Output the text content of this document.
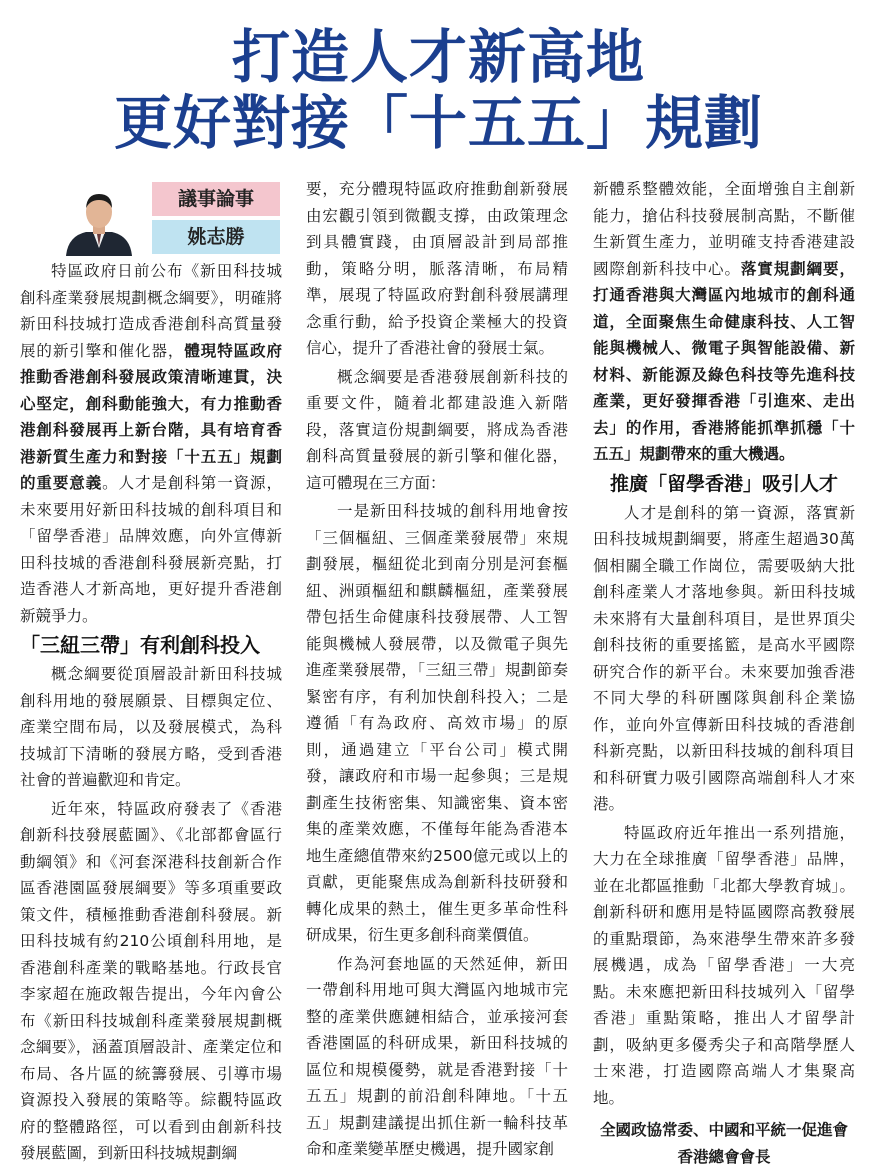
打造人才新高地
更好對接「十五五」規劃
議事論事
姚志勝

特區政府日前公布《新田科技城創科產業發展規劃概念綱要》，明確將新田科技城打造成香港創科高質量發展的新引擎和催化器，體現特區政府推動香港創科發展政策清晰連貫，決心堅定，創科動能強大，有力推動香港創科發展再上新台階，具有培育香港新質生產力和對接「十五五」規劃的重要意義。人才是創科第一資源，未來要用好新田科技城的創科項目和「留學香港」品牌效應，向外宣傳新田科技城的香港創科發展新亮點，打造香港人才新高地，更好提升香港創新競爭力。

「三紐三帶」有利創科投入

概念綱要從頂層設計新田科技城創科用地的發展願景、目標與定位、產業空間布局，以及發展模式，為科技城訂下清晰的發展方略，受到香港社會的普遍歡迎和肯定。

近年來，特區政府發表了《香港創新科技發展藍圖》、《北部都會區行動綱領》和《河套深港科技創新合作區香港園區發展綱要》等多項重要政策文件，積極推動香港創科發展。新田科技城有約210公頃創科用地，是香港創科產業的戰略基地。行政長官李家超在施政報告提出，今年內會公布《新田科技城創科產業發展規劃概念綱要》，涵蓋頂層設計、產業定位和布局、各片區的統籌發展、引導市場資源投入發展的策略等。綜觀特區政府的整體路徑，可以看到由創新科技發展藍圖，到新田科技城規劃綱

要，充分體現特區政府推動創新發展由宏觀引領到微觀支撐，由政策理念到具體實踐，由頂層設計到局部推動，策略分明，脈落清晰，布局精準，展現了特區政府對創科發展講理念重行動，給予投資企業極大的投資信心，提升了香港社會的發展士氣。

概念綱要是香港發展創新科技的重要文件，隨着北都建設進入新階段，落實這份規劃綱要，將成為香港創科高質量發展的新引擎和催化器，這可體現在三方面：

一是新田科技城的創科用地會按「三個樞紐、三個產業發展帶」來規劃發展，樞紐從北到南分別是河套樞紐、洲頭樞紐和麒麟樞紐，產業發展帶包括生命健康科技發展帶、人工智能與機械人發展帶，以及微電子與先進產業發展帶，「三紐三帶」規劃節奏緊密有序，有利加快創科投入；二是遵循「有為政府、高效市場」的原則，通過建立「平台公司」模式開發，讓政府和市場一起參與；三是規劃產生技術密集、知識密集、資本密集的產業效應，不僅每年能為香港本地生產總值帶來約2500億元或以上的貢獻，更能聚焦成為創新科技研發和轉化成果的熱土，催生更多革命性科研成果，衍生更多創科商業價值。

作為河套地區的天然延伸，新田一帶創科用地可與大灣區內地城市完整的產業供應鏈相結合，並承接河套香港園區的科研成果，新田科技城的區位和規模優勢，就是香港對接「十五五」規劃的前沿創科陣地。「十五五」規劃建議提出抓住新一輪科技革命和產業變革歷史機遇，提升國家創

新體系整體效能，全面增強自主創新能力，搶佔科技發展制高點，不斷催生新質生產力，並明確支持香港建設國際創新科技中心。落實規劃綱要，打通香港與大灣區內地城市的創科通道，全面聚焦生命健康科技、人工智能與機械人、微電子與智能設備、新材料、新能源及綠色科技等先進科技產業，更好發揮香港「引進來、走出去」的作用，香港將能抓準抓穩「十五五」規劃帶來的重大機遇。

推廣「留學香港」吸引人才

人才是創科的第一資源，落實新田科技城規劃綱要，將產生超過30萬個相關全職工作崗位，需要吸納大批創科產業人才落地參與。新田科技城未來將有大量創科項目，是世界頂尖創科技術的重要搖籃，是高水平國際研究合作的新平台。未來要加強香港不同大學的科研團隊與創科企業協作，並向外宣傳新田科技城的香港創科新亮點，以新田科技城的創科項目和科研實力吸引國際高端創科人才來港。

特區政府近年推出一系列措施，大力在全球推廣「留學香港」品牌，並在北都區推動「北都大學教育城」。創新科研和應用是特區國際高教發展的重點環節，為來港學生帶來許多發展機遇，成為「留學香港」一大亮點。未來應把新田科技城列入「留學香港」重點策略，推出人才留學計劃，吸納更多優秀尖子和高階學歷人士來港，打造國際高端人才集聚高地。

全國政協常委、中國和平統一促進會香港總會會長
